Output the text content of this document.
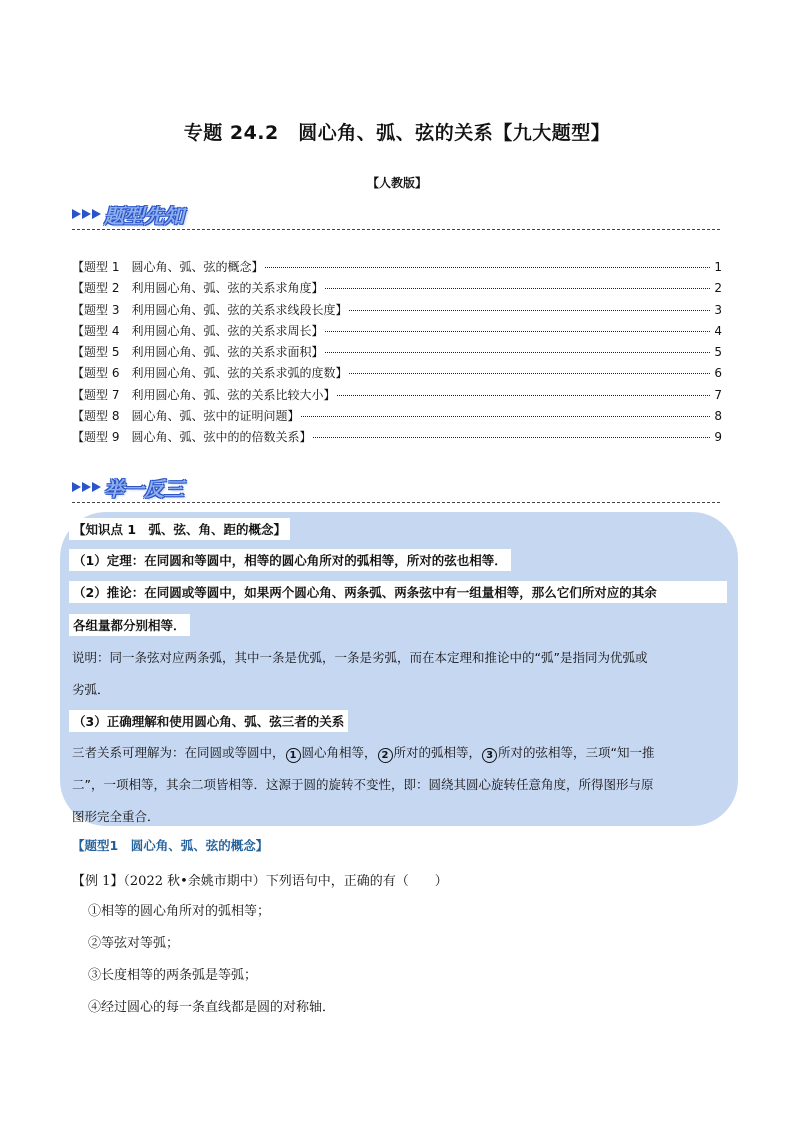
专题 24.2　圆心角、弧、弦的关系【九大题型】
【人教版】
题型先知
【题型 1　圆心角、弧、弦的概念】	1
【题型 2　利用圆心角、弧、弦的关系求角度】	2
【题型 3　利用圆心角、弧、弦的关系求线段长度】	3
【题型 4　利用圆心角、弧、弦的关系求周长】	4
【题型 5　利用圆心角、弧、弦的关系求面积】	5
【题型 6　利用圆心角、弧、弦的关系求弧的度数】	6
【题型 7　利用圆心角、弧、弦的关系比较大小】	7
【题型 8　圆心角、弧、弦中的证明问题】	8
【题型 9　圆心角、弧、弦中的的倍数关系】	9
举一反三
【知识点 1　弧、弦、角、距的概念】
（1）定理：在同圆和等圆中，相等的圆心角所对的弧相等，所对的弦也相等．
（2）推论：在同圆或等圆中，如果两个圆心角、两条弧、两条弦中有一组量相等，那么它们所对应的其余
各组量都分别相等．
说明：同一条弦对应两条弧，其中一条是优弧，一条是劣弧，而在本定理和推论中的“弧”是指同为优弧或
劣弧．
（3）正确理解和使用圆心角、弧、弦三者的关系
三者关系可理解为：在同圆或等圆中， 1 圆心角相等， 2 所对的弧相等， 3 所对的弦相等，三项“知一推
二”，一项相等，其余二项皆相等．这源于圆的旋转不变性，即：圆绕其圆心旋转任意角度，所得图形与原
图形完全重合．
【题型1　圆心角、弧、弦的概念】
【例 1】（2022 秋•余姚市期中）下列语句中，正确的有（　　）
①相等的圆心角所对的弧相等；
②等弦对等弧；
③长度相等的两条弧是等弧；
④经过圆心的每一条直线都是圆的对称轴．
